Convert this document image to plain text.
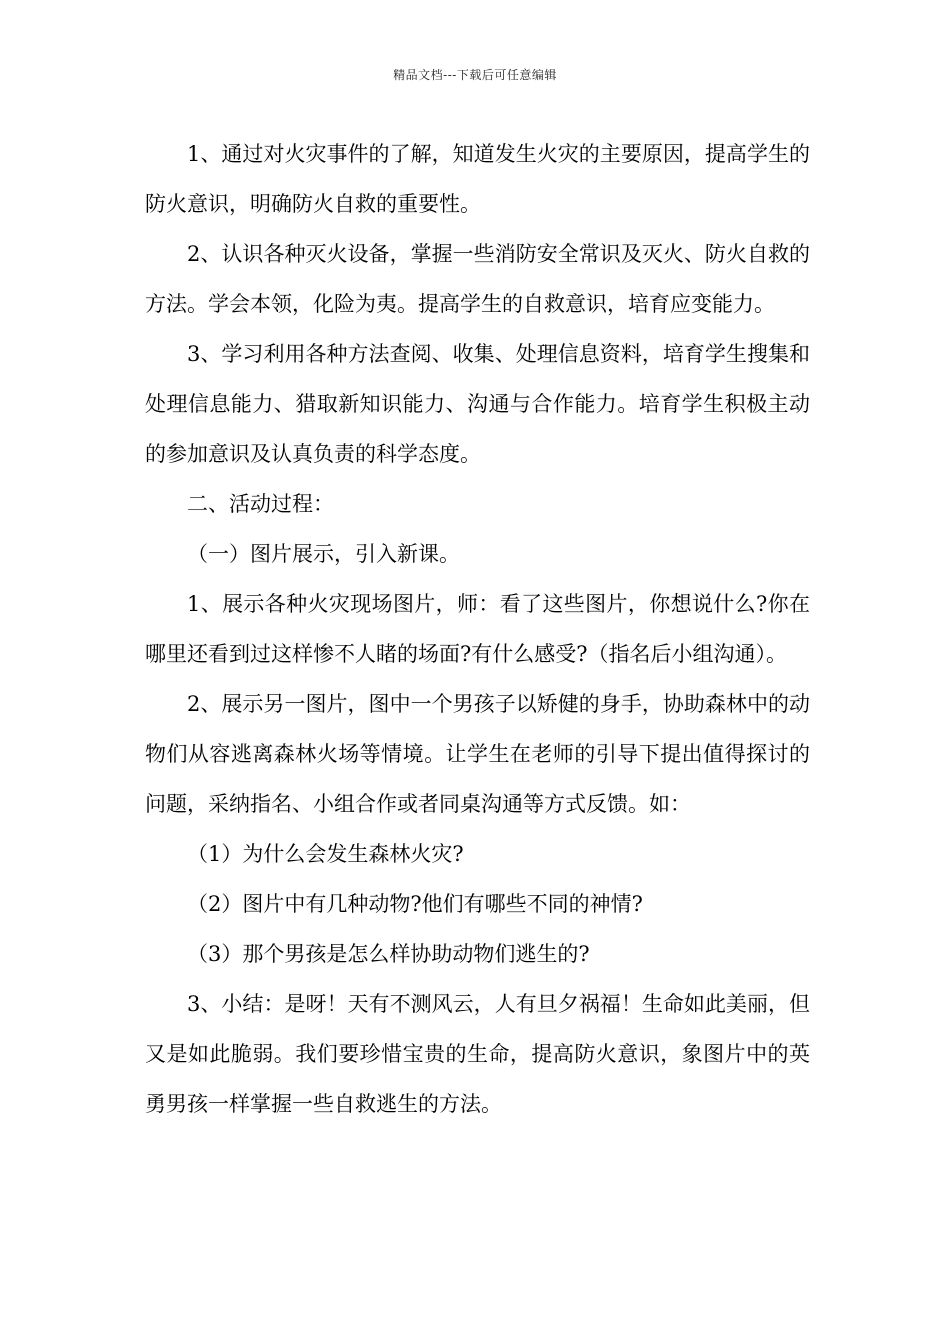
精品文档---下载后可任意编辑

1、通过对火灾事件的了解，知道发生火灾的主要原因，提高学生的防火意识，明确防火自救的重要性。

2、认识各种灭火设备，掌握一些消防安全常识及灭火、防火自救的方法。学会本领，化险为夷。提高学生的自救意识，培育应变能力。

3、学习利用各种方法查阅、收集、处理信息资料，培育学生搜集和处理信息能力、猎取新知识能力、沟通与合作能力。培育学生积极主动的参加意识及认真负责的科学态度。

二、活动过程：

（一）图片展示，引入新课。

1、展示各种火灾现场图片，师：看了这些图片，你想说什么?你在哪里还看到过这样惨不人睹的场面?有什么感受?（指名后小组沟通）。

2、展示另一图片，图中一个男孩子以矫健的身手，协助森林中的动物们从容逃离森林火场等情境。让学生在老师的引导下提出值得探讨的问题，采纳指名、小组合作或者同桌沟通等方式反馈。如：

（1）为什么会发生森林火灾?

（2）图片中有几种动物?他们有哪些不同的神情?

（3）那个男孩是怎么样协助动物们逃生的?

3、小结：是呀！天有不测风云，人有旦夕祸福！生命如此美丽，但又是如此脆弱。我们要珍惜宝贵的生命，提高防火意识，象图片中的英勇男孩一样掌握一些自救逃生的方法。
